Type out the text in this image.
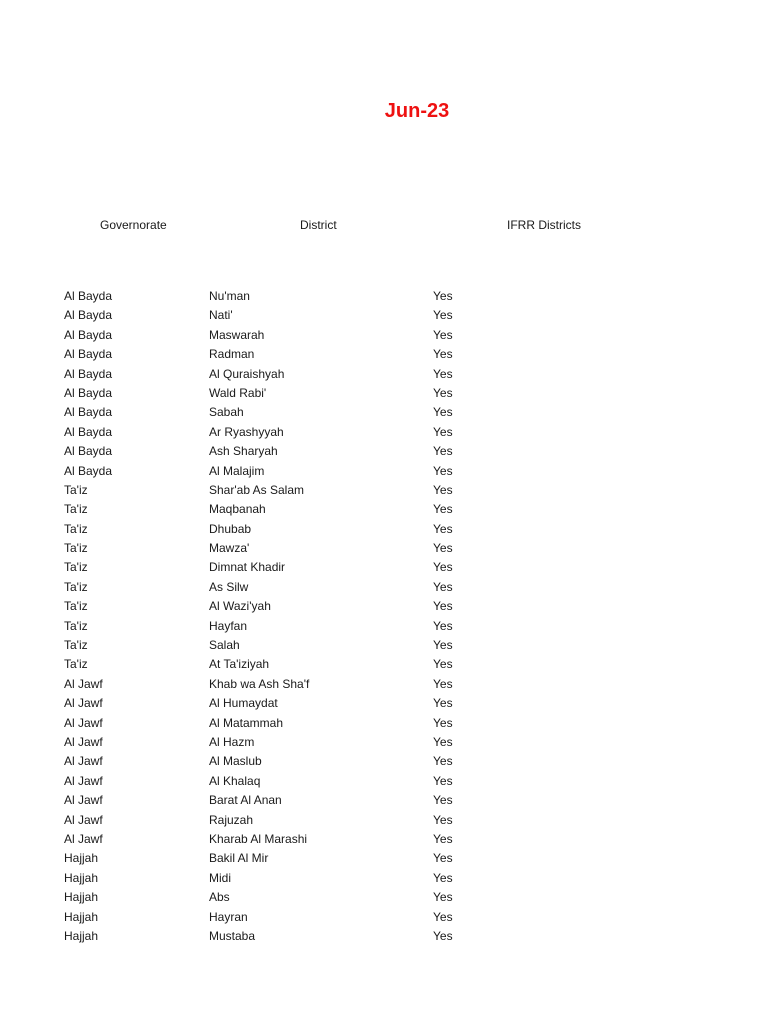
Jun-23
Governorate	District	IFRR Districts
Al Bayda	Nu'man	Yes
Al Bayda	Nati'	Yes
Al Bayda	Maswarah	Yes
Al Bayda	Radman	Yes
Al Bayda	Al Quraishyah	Yes
Al Bayda	Wald Rabi'	Yes
Al Bayda	Sabah	Yes
Al Bayda	Ar Ryashyyah	Yes
Al Bayda	Ash Sharyah	Yes
Al Bayda	Al Malajim	Yes
Ta'iz	Shar'ab As Salam	Yes
Ta'iz	Maqbanah	Yes
Ta'iz	Dhubab	Yes
Ta'iz	Mawza'	Yes
Ta'iz	Dimnat Khadir	Yes
Ta'iz	As Silw	Yes
Ta'iz	Al Wazi'yah	Yes
Ta'iz	Hayfan	Yes
Ta'iz	Salah	Yes
Ta'iz	At Ta'iziyah	Yes
Al Jawf	Khab wa Ash Sha'f	Yes
Al Jawf	Al Humaydat	Yes
Al Jawf	Al Matammah	Yes
Al Jawf	Al Hazm	Yes
Al Jawf	Al Maslub	Yes
Al Jawf	Al Khalaq	Yes
Al Jawf	Barat Al Anan	Yes
Al Jawf	Rajuzah	Yes
Al Jawf	Kharab Al Marashi	Yes
Hajjah	Bakil Al Mir	Yes
Hajjah	Midi	Yes
Hajjah	Abs	Yes
Hajjah	Hayran	Yes
Hajjah	Mustaba	Yes
